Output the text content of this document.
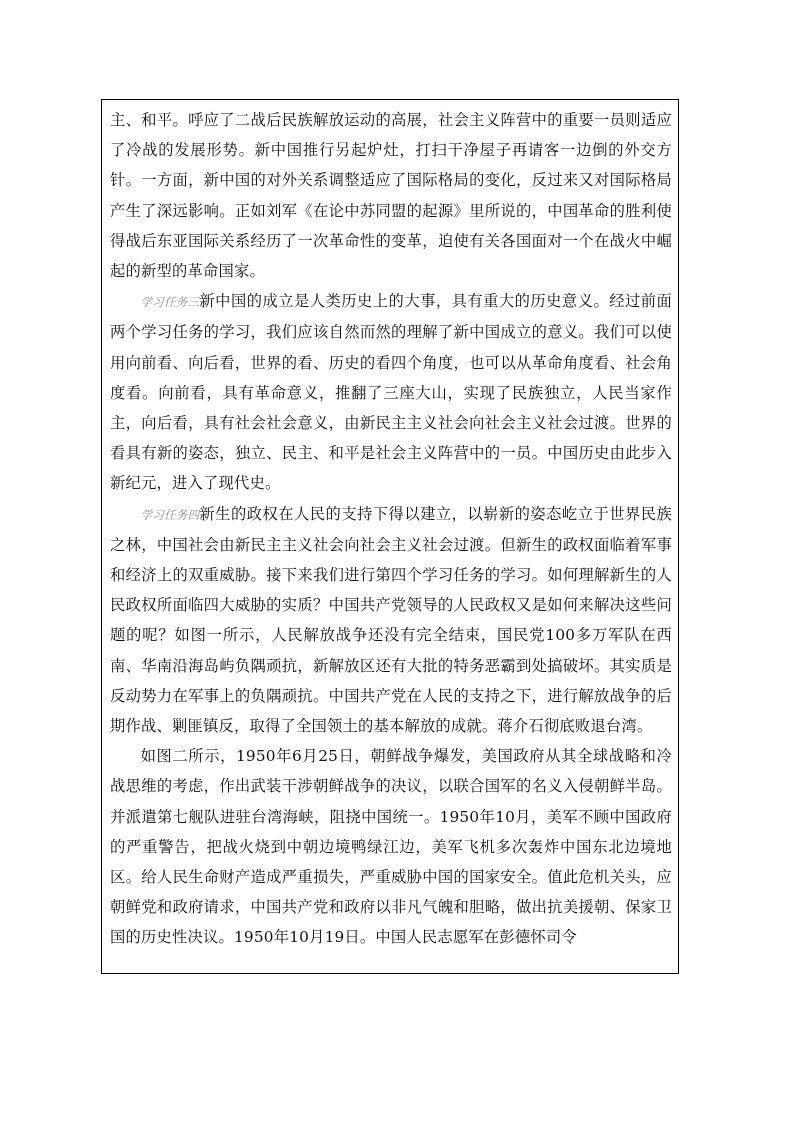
主、和平。呼应了二战后民族解放运动的高展，社会主义阵营中的重要一员则适应了冷战的发展形势。新中国推行另起炉灶，打扫干净屋子再请客一边倒的外交方针。一方面，新中国的对外关系调整适应了国际格局的变化，反过来又对国际格局产生了深远影响。正如刘军《在论中苏同盟的起源》里所说的，中国革命的胜利使得战后东亚国际关系经历了一次革命性的变革，迫使有关各国面对一个在战火中崛起的新型的革命国家。

学习任务三新中国的成立是人类历史上的大事，具有重大的历史意义。经过前面两个学习任务的学习，我们应该自然而然的理解了新中国成立的意义。我们可以使用向前看、向后看，世界的看、历史的看四个角度，也可以从革命角度看、社会角度看。向前看，具有革命意义，推翻了三座大山，实现了民族独立，人民当家作主，向后看，具有社会社会意义，由新民主主义社会向社会主义社会过渡。世界的看具有新的姿态，独立、民主、和平是社会主义阵营中的一员。中国历史由此步入新纪元，进入了现代史。

学习任务四新生的政权在人民的支持下得以建立，以崭新的姿态屹立于世界民族之林，中国社会由新民主主义社会向社会主义社会过渡。但新生的政权面临着军事和经济上的双重威胁。接下来我们进行第四个学习任务的学习。如何理解新生的人民政权所面临四大威胁的实质？中国共产党领导的人民政权又是如何来解决这些问题的呢？如图一所示，人民解放战争还没有完全结束，国民党100多万军队在西南、华南沿海岛屿负隅顽抗，新解放区还有大批的特务恶霸到处搞破坏。其实质是反动势力在军事上的负隅顽抗。中国共产党在人民的支持之下，进行解放战争的后期作战、剿匪镇反，取得了全国领土的基本解放的成就。蒋介石彻底败退台湾。

如图二所示，1950年6月25日，朝鲜战争爆发，美国政府从其全球战略和冷战思维的考虑，作出武装干涉朝鲜战争的决议，以联合国军的名义入侵朝鲜半岛。并派遣第七舰队进驻台湾海峡，阻挠中国统一。1950年10月，美军不顾中国政府的严重警告，把战火烧到中朝边境鸭绿江边，美军飞机多次轰炸中国东北边境地区。给人民生命财产造成严重损失，严重威胁中国的国家安全。值此危机关头，应朝鲜党和政府请求，中国共产党和政府以非凡气魄和胆略，做出抗美援朝、保家卫国的历史性决议。1950年10月19日。中国人民志愿军在彭德怀司令
